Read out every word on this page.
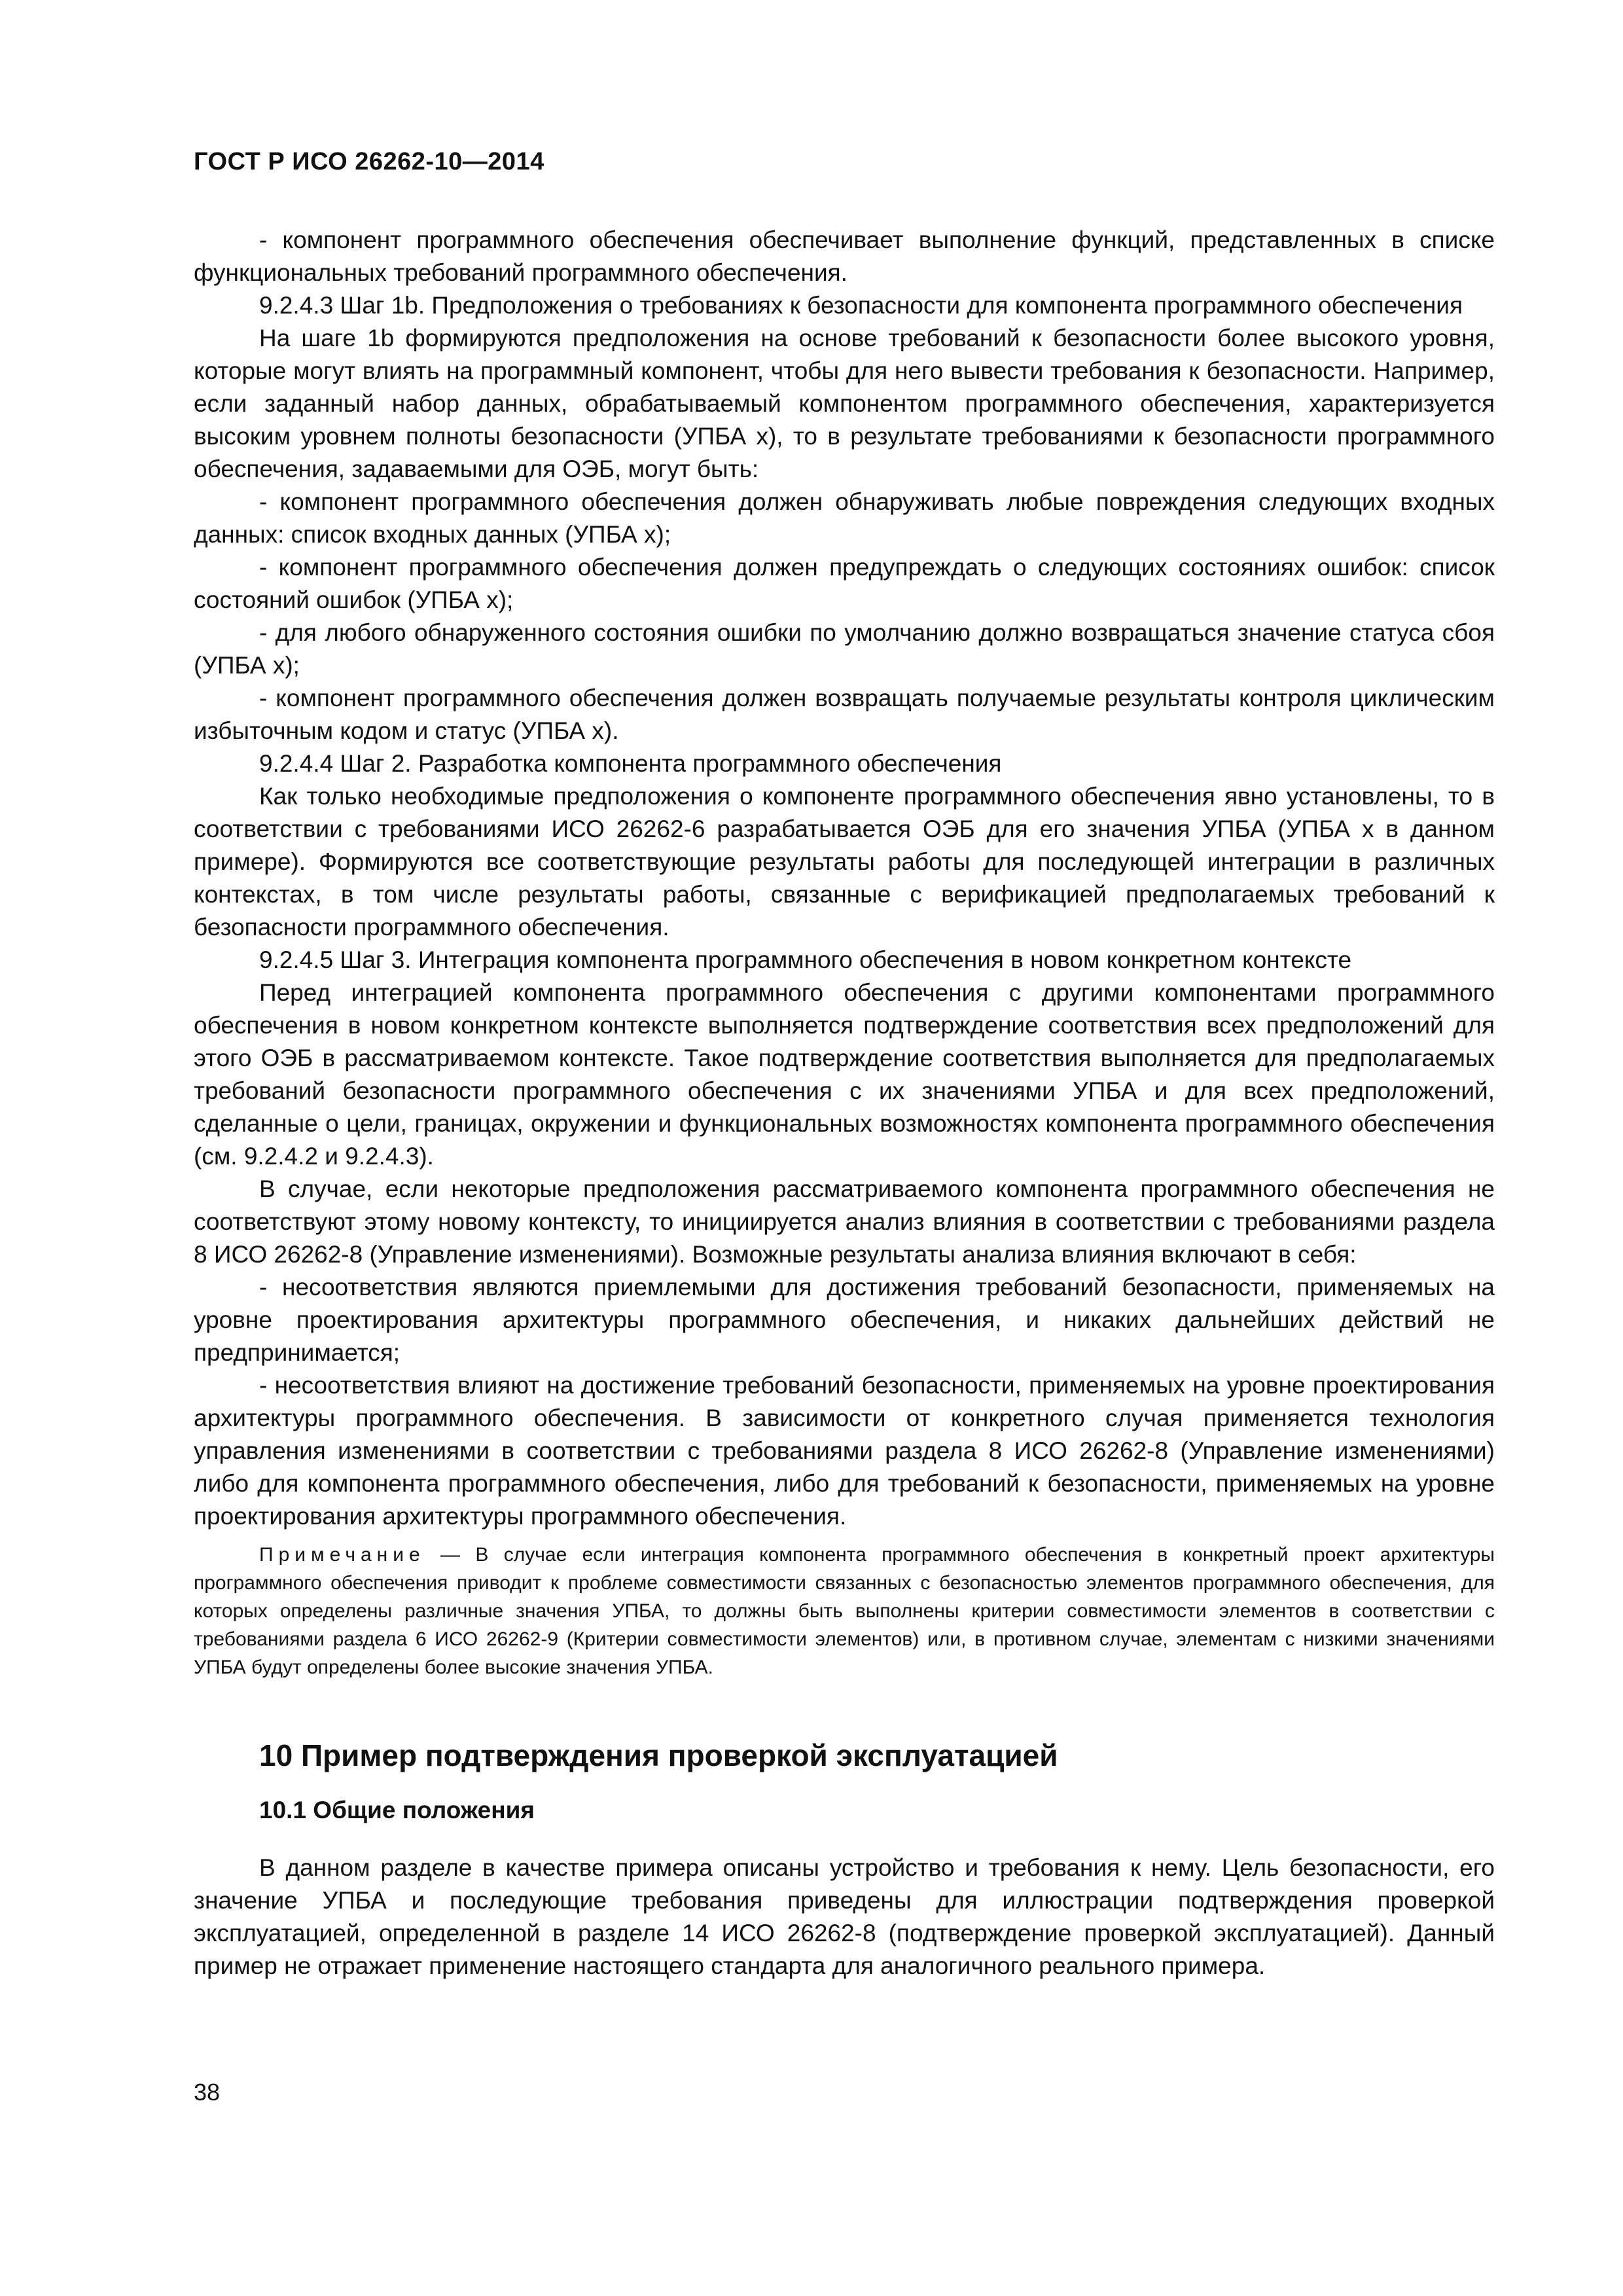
ГОСТ Р ИСО 26262-10—2014

- компонент программного обеспечения обеспечивает выполнение функций, представленных в списке функциональных требований программного обеспечения.

9.2.4.3 Шаг 1b. Предположения о требованиях к безопасности для компонента программного обеспечения

На шаге 1b формируются предположения на основе требований к безопасности более высокого уровня, которые могут влиять на программный компонент, чтобы для него вывести требования к безопасности. Например, если заданный набор данных, обрабатываемый компонентом программного обеспечения, характеризуется высоким уровнем полноты безопасности (УПБА x), то в результате требованиями к безопасности программного обеспечения, задаваемыми для ОЭБ, могут быть:

- компонент программного обеспечения должен обнаруживать любые повреждения следующих входных данных: список входных данных (УПБА x);

- компонент программного обеспечения должен предупреждать о следующих состояниях ошибок: список состояний ошибок (УПБА x);

- для любого обнаруженного состояния ошибки по умолчанию должно возвращаться значение статуса сбоя (УПБА x);

- компонент программного обеспечения должен возвращать получаемые результаты контроля циклическим избыточным кодом и статус (УПБА x).

9.2.4.4 Шаг 2. Разработка компонента программного обеспечения

Как только необходимые предположения о компоненте программного обеспечения явно установлены, то в соответствии с требованиями ИСО 26262-6 разрабатывается ОЭБ для его значения УПБА (УПБА x в данном примере). Формируются все соответствующие результаты работы для последующей интеграции в различных контекстах, в том числе результаты работы, связанные с верификацией предполагаемых требований к безопасности программного обеспечения.

9.2.4.5 Шаг 3. Интеграция компонента программного обеспечения в новом конкретном контексте

Перед интеграцией компонента программного обеспечения с другими компонентами программного обеспечения в новом конкретном контексте выполняется подтверждение соответствия всех предположений для этого ОЭБ в рассматриваемом контексте. Такое подтверждение соответствия выполняется для предполагаемых требований безопасности программного обеспечения с их значениями УПБА и для всех предположений, сделанные о цели, границах, окружении и функциональных возможностях компонента программного обеспечения (см. 9.2.4.2 и 9.2.4.3).

В случае, если некоторые предположения рассматриваемого компонента программного обеспечения не соответствуют этому новому контексту, то инициируется анализ влияния в соответствии с требованиями раздела 8 ИСО 26262-8 (Управление изменениями). Возможные результаты анализа влияния включают в себя:

- несоответствия являются приемлемыми для достижения требований безопасности, применяемых на уровне проектирования архитектуры программного обеспечения, и никаких дальнейших действий не предпринимается;

- несоответствия влияют на достижение требований безопасности, применяемых на уровне проектирования архитектуры программного обеспечения. В зависимости от конкретного случая применяется технология управления изменениями в соответствии с требованиями раздела 8 ИСО 26262-8 (Управление изменениями) либо для компонента программного обеспечения, либо для требований к безопасности, применяемых на уровне проектирования архитектуры программного обеспечения.

Примечание — В случае если интеграция компонента программного обеспечения в конкретный проект архитектуры программного обеспечения приводит к проблеме совместимости связанных с безопасностью элементов программного обеспечения, для которых определены различные значения УПБА, то должны быть выполнены критерии совместимости элементов в соответствии с требованиями раздела 6 ИСО 26262-9 (Критерии совместимости элементов) или, в противном случае, элементам с низкими значениями УПБА будут определены более высокие значения УПБА.

10 Пример подтверждения проверкой эксплуатацией
10.1 Общие положения

В данном разделе в качестве примера описаны устройство и требования к нему. Цель безопасности, его значение УПБА и последующие требования приведены для иллюстрации подтверждения проверкой эксплуатацией, определенной в разделе 14 ИСО 26262-8 (подтверждение проверкой эксплуатацией). Данный пример не отражает применение настоящего стандарта для аналогичного реального примера.

38
